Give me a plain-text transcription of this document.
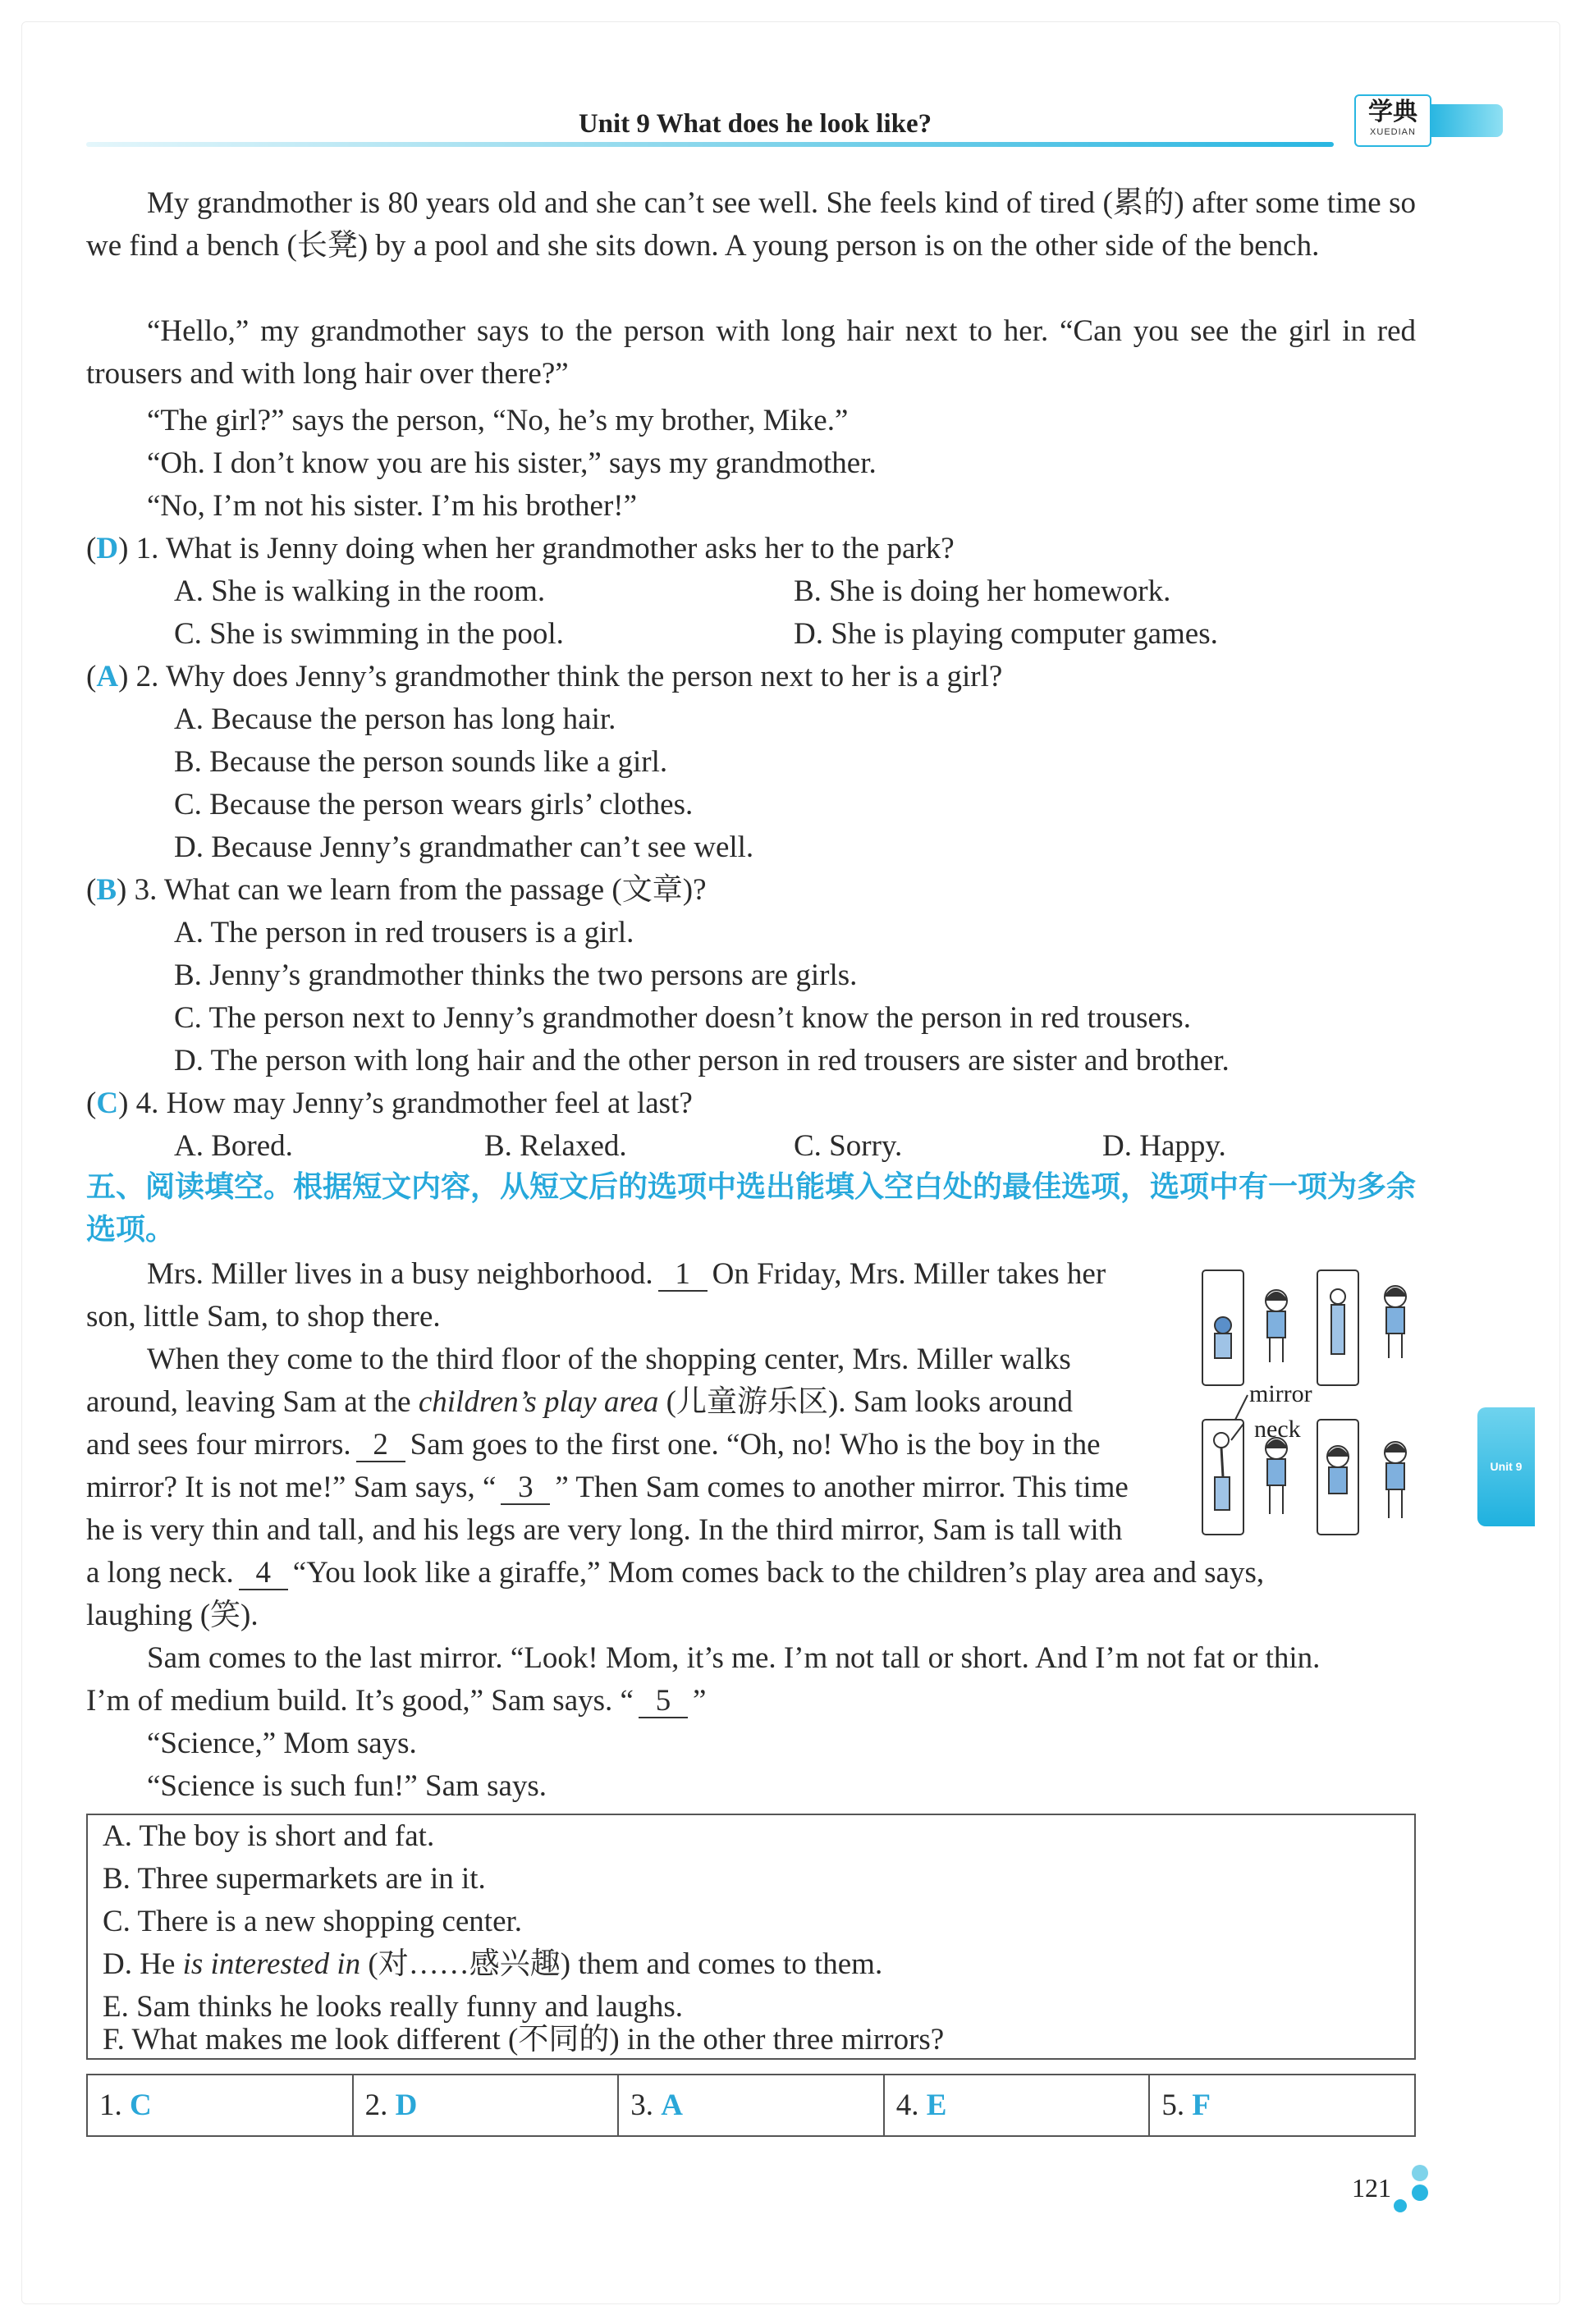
Unit 9 What does he look like?	学典
XUEDIAN
Unit 9

My grandmother is 80 years old and she can’t see well. She feels kind of tired (累的) after some time so we find a bench (长凳) by a pool and she sits down. A young person is on the other side of the bench.

“Hello,” my grandmother says to the person with long hair next to her. “Can you see the girl in red trousers and with long hair over there?”

“The girl?” says the person, “No, he’s my brother, Mike.”

“Oh. I don’t know you are his sister,” says my grandmother.

“No, I’m not his sister. I’m his brother!”

(D) 1. What is Jenny doing when her grandmother asks her to the park?
A. She is walking in the room.	B. She is doing her homework.
C. She is swimming in the pool.	D. She is playing computer games.
(A) 2. Why does Jenny’s grandmother think the person next to her is a girl?
A. Because the person has long hair.
B. Because the person sounds like a girl.
C. Because the person wears girls’ clothes.
D. Because Jenny’s grandmather can’t see well.
(B) 3. What can we learn from the passage (文章)?
A. The person in red trousers is a girl.
B. Jenny’s grandmother thinks the two persons are girls.
C. The person next to Jenny’s grandmother doesn’t know the person in red trousers.
D. The person with long hair and the other person in red trousers are sister and brother.
(C) 4. How may Jenny’s grandmother feel at last?
A. Bored.	B. Relaxed.	C. Sorry.	D. Happy.

五、阅读填空。根据短文内容，从短文后的选项中选出能填入空白处的最佳选项，选项中有一项为多余选项。

Mrs. Miller lives in a busy neighborhood. 1 On Friday, Mrs. Miller takes her
son, little Sam, to shop there.
When they come to the third floor of the shopping center, Mrs. Miller walks
around, leaving Sam at the children’s play area (儿童游乐区). Sam looks around
and sees four mirrors. 2 Sam goes to the first one. “Oh, no! Who is the boy in the
mirror? It is not me!” Sam says, “ 3 ” Then Sam comes to another mirror. This time
he is very thin and tall, and his legs are very long. In the third mirror, Sam is tall with
a long neck. 4 “You look like a giraffe,” Mom comes back to the children’s play area and says,
laughing (笑).
Sam comes to the last mirror. “Look! Mom, it’s me. I’m not tall or short. And I’m not fat or thin.
I’m of medium build. It’s good,” Sam says. “ 5 ”
“Science,” Mom says.
“Science is such fun!” Sam says.
mirror
neck
A. The boy is short and fat.
B. Three supermarkets are in it.
C. There is a new shopping center.
D. He is interested in (对……感兴趣) them and comes to them.
E. Sam thinks he looks really funny and laughs.
F. What makes me look different (不同的) in the other three mirrors?
1. C	2. D	3. A	4. E	5. F
121
